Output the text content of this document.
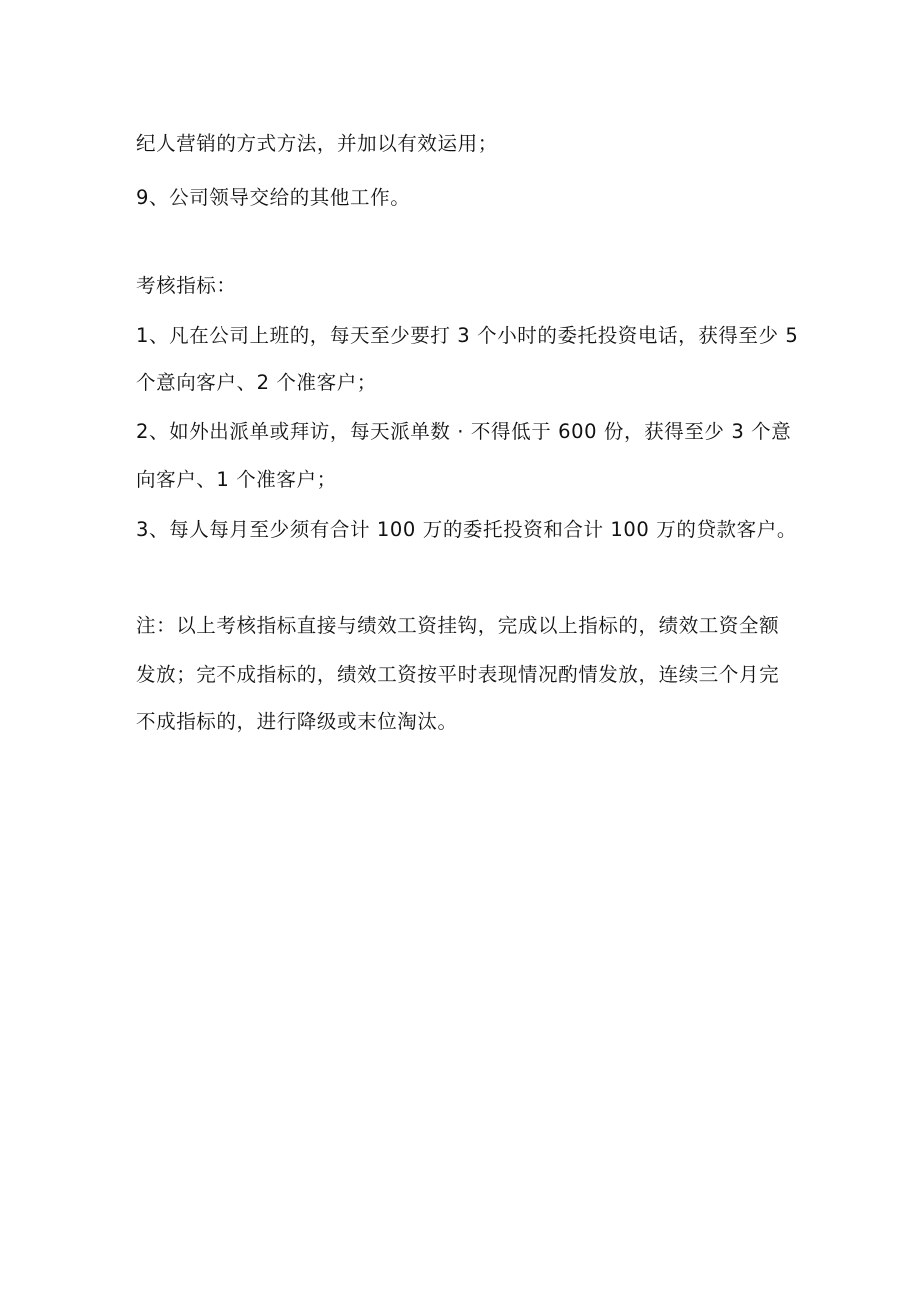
纪人营销的方式方法，并加以有效运用；
9、公司领导交给的其他工作。
考核指标：
1、凡在公司上班的，每天至少要打 3 个小时的委托投资电话，获得至少 5
个意向客户、2 个准客户；
2、如外出派单或拜访，每天派单数 · 不得低于 600 份，获得至少 3 个意
向客户、1 个准客户；
3、每人每月至少须有合计 100 万的委托投资和合计 100 万的贷款客户。
注：以上考核指标直接与绩效工资挂钩，完成以上指标的，绩效工资全额
发放；完不成指标的，绩效工资按平时表现情况酌情发放，连续三个月完
不成指标的，进行降级或末位淘汰。
